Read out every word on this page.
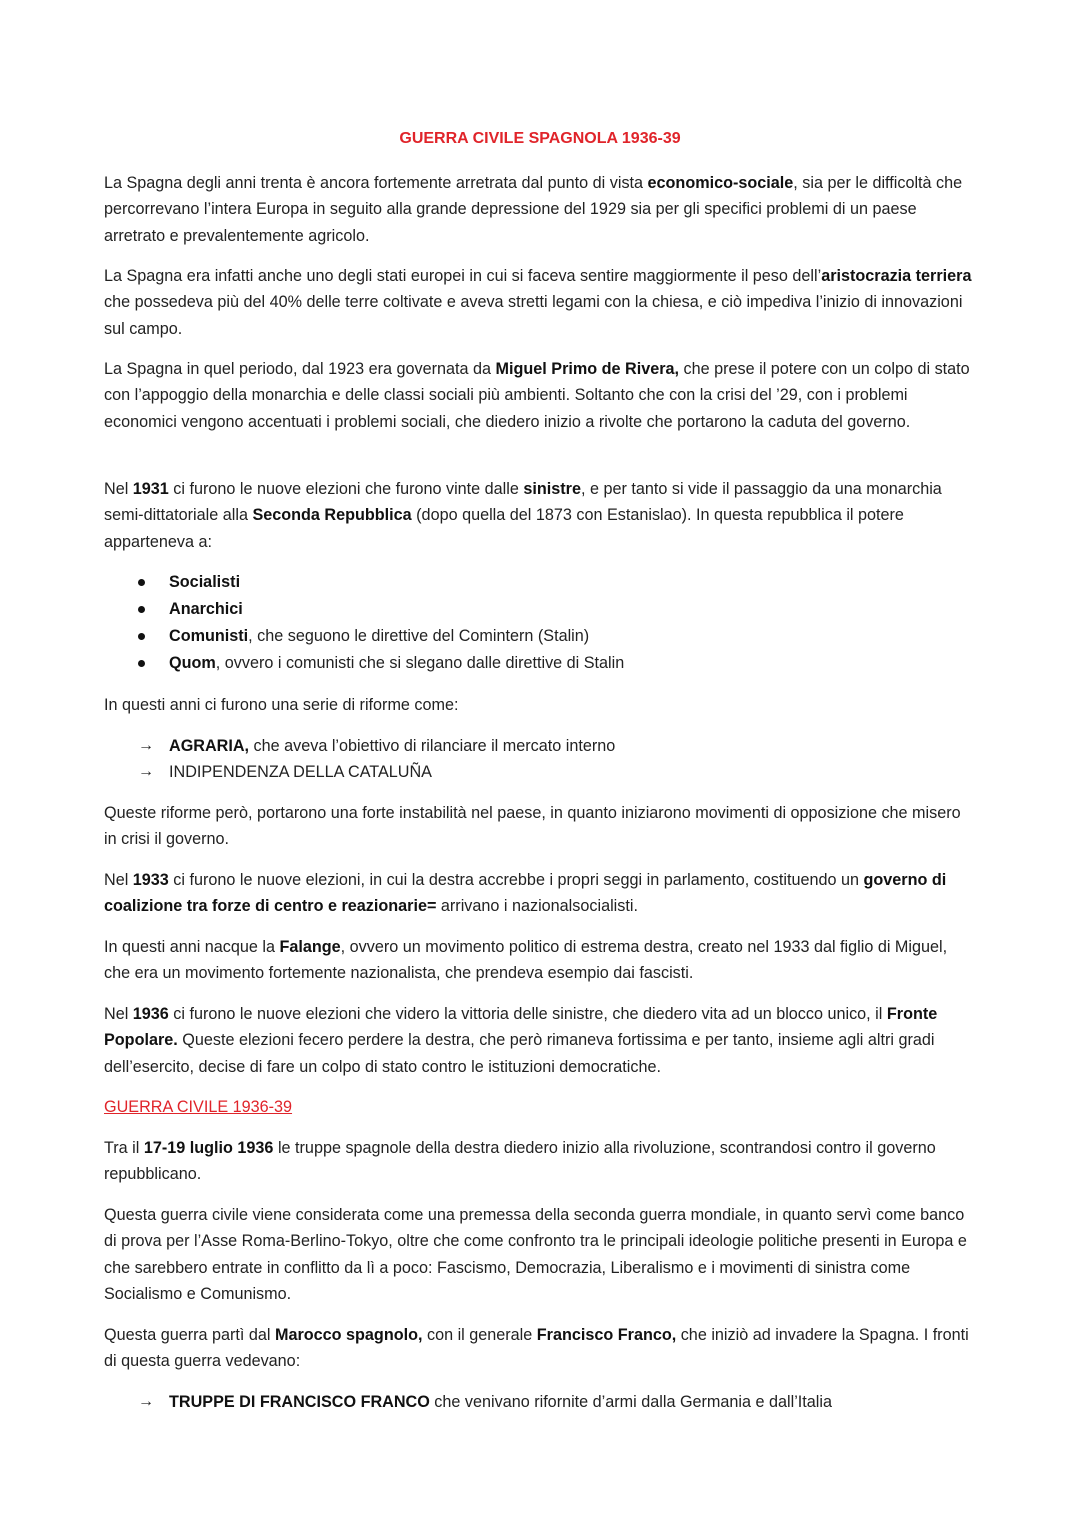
GUERRA CIVILE SPAGNOLA 1936-39

La Spagna degli anni trenta è ancora fortemente arretrata dal punto di vista economico-sociale, sia per le difficoltà che percorrevano l’intera Europa in seguito alla grande depressione del 1929 sia per gli specifici problemi di un paese arretrato e prevalentemente agricolo.

La Spagna era infatti anche uno degli stati europei in cui si faceva sentire maggiormente il peso dell’aristocrazia terriera che possedeva più del 40% delle terre coltivate e aveva stretti legami con la chiesa, e ciò impediva l’inizio di innovazioni sul campo.

La Spagna in quel periodo, dal 1923 era governata da Miguel Primo de Rivera, che prese il potere con un colpo di stato con l’appoggio della monarchia e delle classi sociali più ambienti. Soltanto che con la crisi del ’29, con i problemi economici vengono accentuati i problemi sociali, che diedero inizio a rivolte che portarono la caduta del governo.

Nel 1931 ci furono le nuove elezioni che furono vinte dalle sinistre, e per tanto si vide il passaggio da una monarchia semi-dittatoriale alla Seconda Repubblica (dopo quella del 1873 con Estanislao). In questa repubblica il potere apparteneva a:

Socialisti
Anarchici
Comunisti, che seguono le direttive del Comintern (Stalin)
Quom, ovvero i comunisti che si slegano dalle direttive di Stalin

In questi anni ci furono una serie di riforme come:

→ AGRARIA, che aveva l’obiettivo di rilanciare il mercato interno
→ INDIPENDENZA DELLA CATALUÑA

Queste riforme però, portarono una forte instabilità nel paese, in quanto iniziarono movimenti di opposizione che misero in crisi il governo.

Nel 1933 ci furono le nuove elezioni, in cui la destra accrebbe i propri seggi in parlamento, costituendo un governo di coalizione tra forze di centro e reazionarie= arrivano i nazionalsocialisti.

In questi anni nacque la Falange, ovvero un movimento politico di estrema destra, creato nel 1933 dal figlio di Miguel, che era un movimento fortemente nazionalista, che prendeva esempio dai fascisti.

Nel 1936 ci furono le nuove elezioni che videro la vittoria delle sinistre, che diedero vita ad un blocco unico, il Fronte Popolare. Queste elezioni fecero perdere la destra, che però rimaneva fortissima e per tanto, insieme agli altri gradi dell’esercito, decise di fare un colpo di stato contro le istituzioni democratiche.

GUERRA CIVILE 1936-39

Tra il 17-19 luglio 1936 le truppe spagnole della destra diedero inizio alla rivoluzione, scontrandosi contro il governo repubblicano.

Questa guerra civile viene considerata come una premessa della seconda guerra mondiale, in quanto servì come banco di prova per l’Asse Roma-Berlino-Tokyo, oltre che come confronto tra le principali ideologie politiche presenti in Europa e che sarebbero entrate in conflitto da lì a poco: Fascismo, Democrazia, Liberalismo e i movimenti di sinistra come Socialismo e Comunismo.

Questa guerra partì dal Marocco spagnolo, con il generale Francisco Franco, che iniziò ad invadere la Spagna. I fronti di questa guerra vedevano:

→ TRUPPE DI FRANCISCO FRANCO che venivano rifornite d’armi dalla Germania e dall’Italia
